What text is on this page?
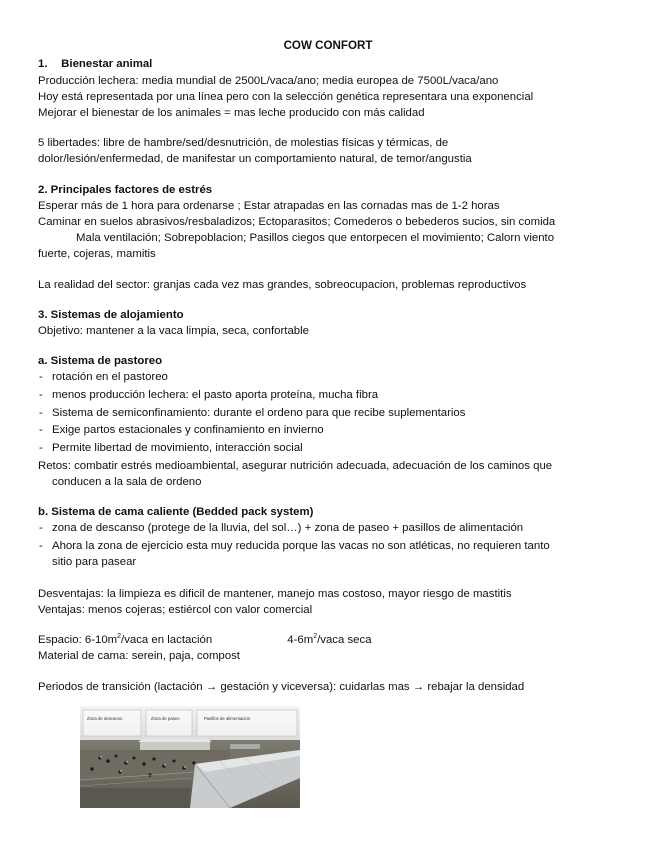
COW CONFORT

1. Bienestar animal

Producción lechera: media mundial de 2500L/vaca/ano; media europea de 7500L/vaca/ano

Hoy está representada por una línea pero con la selección genética representara una exponencial

Mejorar el bienestar de los animales = mas leche producido con más calidad

5 libertades: libre de hambre/sed/desnutrición, de molestias físicas y térmicas, de

dolor/lesión/enfermedad, de manifestar un comportamiento natural, de temor/angustia

2. Principales factores de estrés

Esperar más de 1 hora para ordenarse ; Estar atrapadas en las cornadas mas de 1-2 horas

Caminar en suelos abrasivos/resbaladizos; Ectoparasitos; Comederos o bebederos sucios, sin comida

Mala ventilación; Sobrepoblacion; Pasillos ciegos que entorpecen el movimiento; Calorn viento

fuerte, cojeras, mamitis

La realidad del sector: granjas cada vez mas grandes, sobreocupacion, problemas reproductivos

3. Sistemas de alojamiento

Objetivo: mantener a la vaca limpia, seca, confortable

a. Sistema de pastoreo

- rotación en el pastoreo
- menos producción lechera: el pasto aporta proteína, mucha fibra
- Sistema de semiconfinamiento: durante el ordeno para que recibe suplementarios
- Exige partos estacionales y confinamiento en invierno
- Permite libertad de movimiento, interacción social

Retos: combatir estrés medioambiental, asegurar nutrición adecuada, adecuación de los caminos que

conducen a la sala de ordeno

b. Sistema de cama caliente (Bedded pack system)

- zona de descanso (protege de la lluvia, del sol…) + zona de paseo + pasillos de alimentación
- Ahora la zona de ejercicio esta muy reducida porque las vacas no son atléticas, no requieren tanto
sitio para pasear

Desventajas: la limpieza es dificil de mantener, manejo mas costoso, mayor riesgo de mastitis

Ventajas: menos cojeras; estiércol con valor comercial

Espacio: $6-10m^2$/vaca en lactación	$4-6m^2$/vaca seca

Material de cama: serein, paja, compost

Periodos de transición (lactación → gestación y viceversa): cuidarlas mas → rebajar la densidad

Zona de descanso	Zona de paseo	Pasillos de alimentación
